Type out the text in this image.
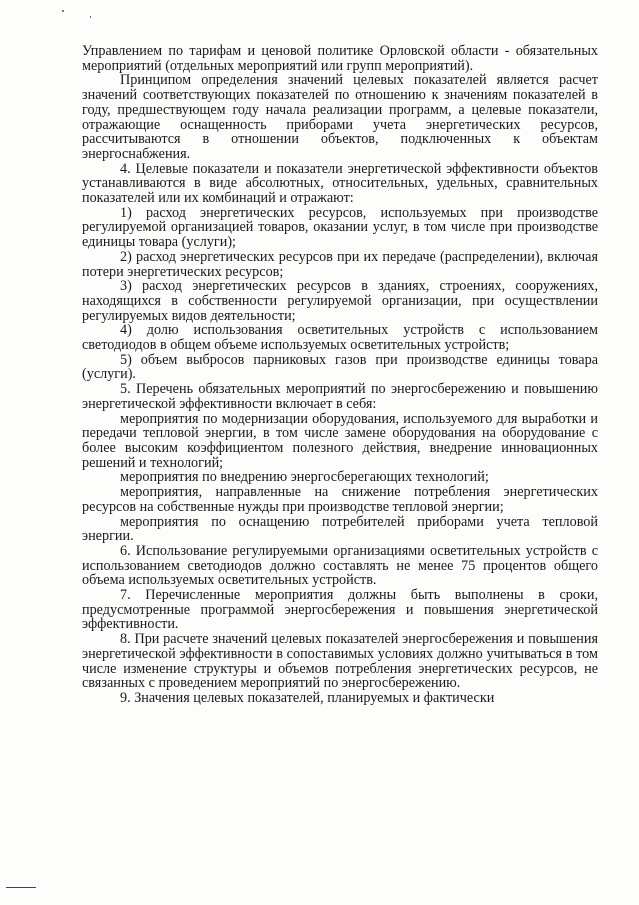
Управлением по тарифам и ценовой политике Орловской области - обязательных мероприятий (отдельных мероприятий или групп мероприятий).

Принципом определения значений целевых показателей является расчет значений соответствующих показателей по отношению к значениям показателей в году, предшествующем году начала реализации программ, а целевые показатели, отражающие оснащенность приборами учета энергетических ресурсов, рассчитываются в отношении объектов, подключенных к объектам энергоснабжения.

4. Целевые показатели и показатели энергетической эффективности объектов устанавливаются в виде абсолютных, относительных, удельных, сравнительных показателей или их комбинаций и отражают:

1) расход энергетических ресурсов, используемых при производстве регулируемой организацией товаров, оказании услуг, в том числе при производстве единицы товара (услуги);

2) расход энергетических ресурсов при их передаче (распределении), включая потери энергетических ресурсов;

3) расход энергетических ресурсов в зданиях, строениях, сооружениях, находящихся в собственности регулируемой организации, при осуществлении регулируемых видов деятельности;

4) долю использования осветительных устройств с использованием светодиодов в общем объеме используемых осветительных устройств;

5) объем выбросов парниковых газов при производстве единицы товара (услуги).

5. Перечень обязательных мероприятий по энергосбережению и повышению энергетической эффективности включает в себя:

мероприятия по модернизации оборудования, используемого для выработки и передачи тепловой энергии, в том числе замене оборудования на оборудование с более высоким коэффициентом полезного действия, внедрение инновационных решений и технологий;

мероприятия по внедрению энергосберегающих технологий;

мероприятия, направленные на снижение потребления энергетических ресурсов на собственные нужды при производстве тепловой энергии;

мероприятия по оснащению потребителей приборами учета тепловой энергии.

6. Использование регулируемыми организациями осветительных устройств с использованием светодиодов должно составлять не менее 75 процентов общего объема используемых осветительных устройств.

7. Перечисленные мероприятия должны быть выполнены в сроки, предусмотренные программой энергосбережения и повышения энергетической эффективности.

8. При расчете значений целевых показателей энергосбережения и повышения энергетической эффективности в сопоставимых условиях должно учитываться в том числе изменение структуры и объемов потребления энергетических ресурсов, не связанных с проведением мероприятий по энергосбережению.

9. Значения целевых показателей, планируемых и фактически
